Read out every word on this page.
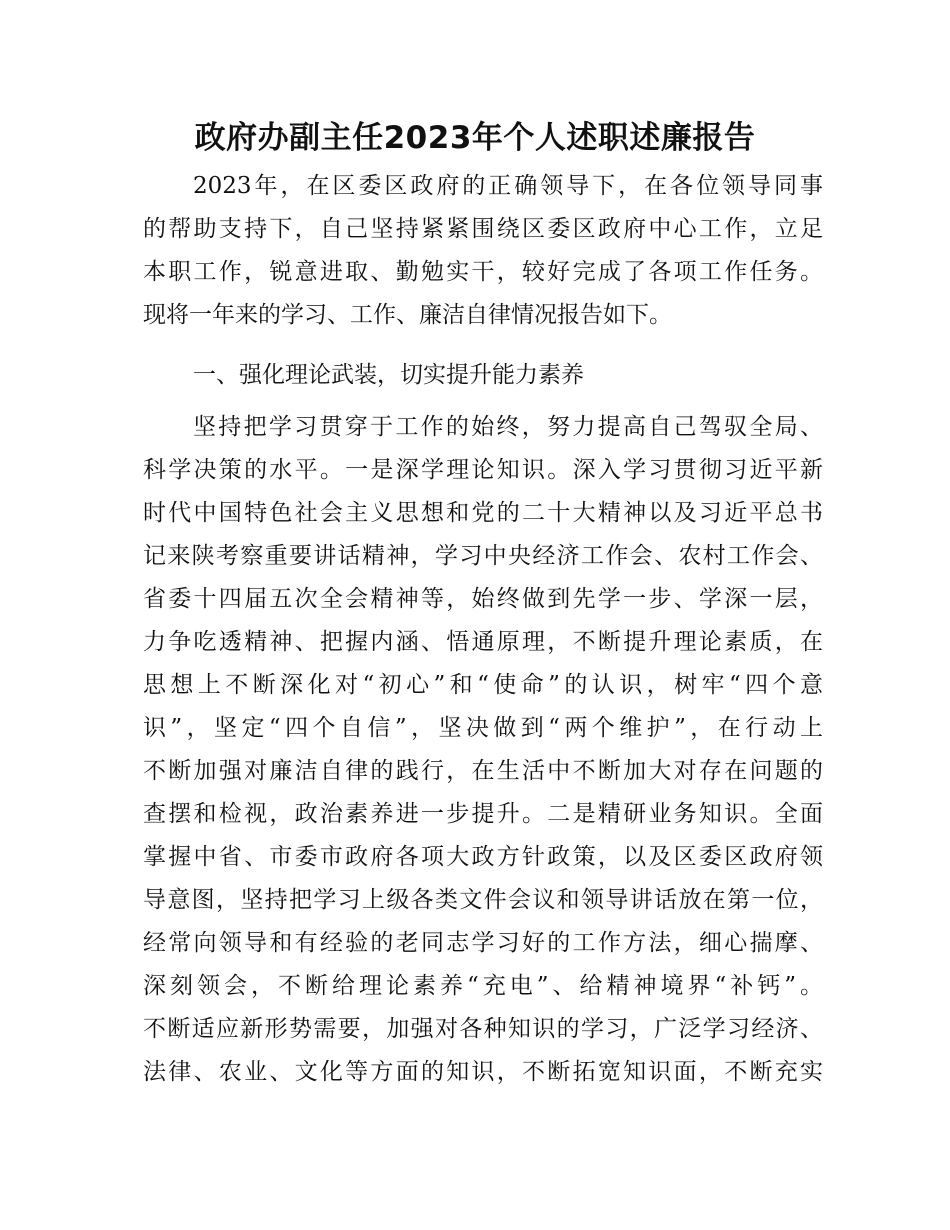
政府办副主任2023年个人述职述廉报告
2023年，在区委区政府的正确领导下，在各位领导同事
的帮助支持下，自己坚持紧紧围绕区委区政府中心工作，立足
本职工作，锐意进取、勤勉实干，较好完成了各项工作任务。
现将一年来的学习、工作、廉洁自律情况报告如下。
一、强化理论武装，切实提升能力素养
坚持把学习贯穿于工作的始终，努力提高自己驾驭全局、
科学决策的水平。一是深学理论知识。深入学习贯彻习近平新
时代中国特色社会主义思想和党的二十大精神以及习近平总书
记来陕考察重要讲话精神，学习中央经济工作会、农村工作会、
省委十四届五次全会精神等，始终做到先学一步、学深一层，
力争吃透精神、把握内涵、悟通原理，不断提升理论素质，在
思想上不断深化对“初心”和“使命”的认识，树牢“四个意
识”，坚定“四个自信”，坚决做到“两个维护”，在行动上
不断加强对廉洁自律的践行，在生活中不断加大对存在问题的
查摆和检视，政治素养进一步提升。二是精研业务知识。全面
掌握中省、市委市政府各项大政方针政策，以及区委区政府领
导意图，坚持把学习上级各类文件会议和领导讲话放在第一位，
经常向领导和有经验的老同志学习好的工作方法，细心揣摩、
深刻领会，不断给理论素养“充电”、给精神境界“补钙”。
不断适应新形势需要，加强对各种知识的学习，广泛学习经济、
法律、农业、文化等方面的知识，不断拓宽知识面，不断充实
